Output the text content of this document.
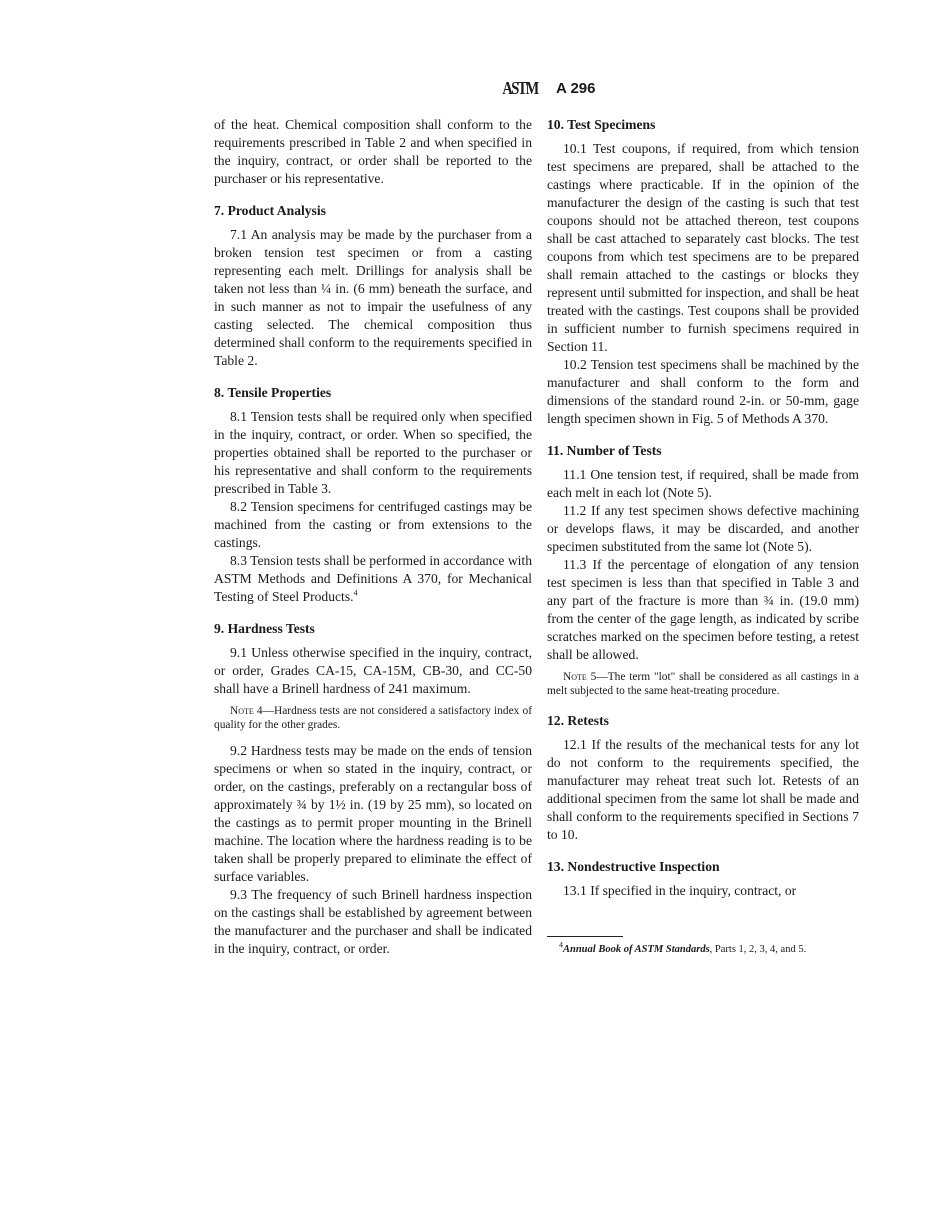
ASTM A 296

of the heat. Chemical composition shall conform to the requirements prescribed in Table 2 and when specified in the inquiry, contract, or order shall be reported to the purchaser or his representative.

7. Product Analysis

7.1 An analysis may be made by the purchaser from a broken tension test specimen or from a casting representing each melt. Drillings for analysis shall be taken not less than ¼ in. (6 mm) beneath the surface, and in such manner as not to impair the usefulness of any casting selected. The chemical composition thus determined shall conform to the requirements specified in Table 2.

8. Tensile Properties

8.1 Tension tests shall be required only when specified in the inquiry, contract, or order. When so specified, the properties obtained shall be reported to the purchaser or his representative and shall conform to the requirements prescribed in Table 3.

8.2 Tension specimens for centrifuged castings may be machined from the casting or from extensions to the castings.

8.3 Tension tests shall be performed in accordance with ASTM Methods and Definitions A 370, for Mechanical Testing of Steel Products.$^4$

9. Hardness Tests

9.1 Unless otherwise specified in the inquiry, contract, or order, Grades CA-15, CA-15M, CB-30, and CC-50 shall have a Brinell hardness of 241 maximum.

Note 4—Hardness tests are not considered a satisfactory index of quality for the other grades.

9.2 Hardness tests may be made on the ends of tension specimens or when so stated in the inquiry, contract, or order, on the castings, preferably on a rectangular boss of approximately ¾ by 1½ in. (19 by 25 mm), so located on the castings as to permit proper mounting in the Brinell machine. The location where the hardness reading is to be taken shall be properly prepared to eliminate the effect of surface variables.

9.3 The frequency of such Brinell hardness inspection on the castings shall be established by agreement between the manufacturer and the purchaser and shall be indicated in the inquiry, contract, or order.

10. Test Specimens

10.1 Test coupons, if required, from which tension test specimens are prepared, shall be attached to the castings where practicable. If in the opinion of the manufacturer the design of the casting is such that test coupons should not be attached thereon, test coupons shall be cast attached to separately cast blocks. The test coupons from which test specimens are to be prepared shall remain attached to the castings or blocks they represent until submitted for inspection, and shall be heat treated with the castings. Test coupons shall be provided in sufficient number to furnish specimens required in Section 11.

10.2 Tension test specimens shall be machined by the manufacturer and shall conform to the form and dimensions of the standard round 2-in. or 50-mm, gage length specimen shown in Fig. 5 of Methods A 370.

11. Number of Tests

11.1 One tension test, if required, shall be made from each melt in each lot (Note 5).

11.2 If any test specimen shows defective machining or develops flaws, it may be discarded, and another specimen substituted from the same lot (Note 5).

11.3 If the percentage of elongation of any tension test specimen is less than that specified in Table 3 and any part of the fracture is more than ¾ in. (19.0 mm) from the center of the gage length, as indicated by scribe scratches marked on the specimen before testing, a retest shall be allowed.

Note 5—The term "lot" shall be considered as all castings in a melt subjected to the same heat-treating procedure.

12. Retests

12.1 If the results of the mechanical tests for any lot do not conform to the requirements specified, the manufacturer may reheat treat such lot. Retests of an additional specimen from the same lot shall be made and shall conform to the requirements specified in Sections 7 to 10.

13. Nondestructive Inspection

13.1 If specified in the inquiry, contract, or

$^4$Annual Book of ASTM Standards, Parts 1, 2, 3, 4, and 5.
